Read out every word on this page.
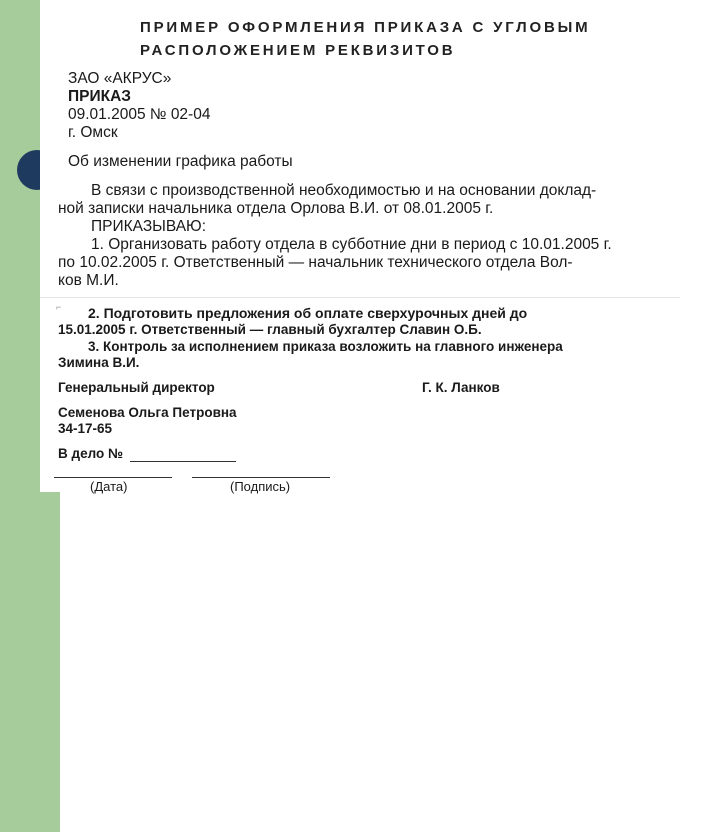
ПРИМЕР ОФОРМЛЕНИЯ ПРИКАЗА С УГЛОВЫМ
РАСПОЛОЖЕНИЕМ РЕКВИЗИТОВ
ЗАО «АКРУС»
ПРИКАЗ
09.01.2005 № 02-04
г. Омск
Об изменении графика работы
В связи с производственной необходимостью и на основании доклад-
ной записки начальника отдела Орлова В.И. от 08.01.2005 г.
ПРИКАЗЫВАЮ:
1. Организовать работу отдела в субботние дни в период с 10.01.2005 г.
по 10.02.2005 г. Ответственный — начальник технического отдела Вол-
ков М.И.
⌐ 2. Подготовить предложения об оплате сверхурочных дней до
15.01.2005 г. Ответственный — главный бухгалтер Славин О.Б.
3. Контроль за исполнением приказа возложить на главного инженера
Зимина В.И.
Генеральный директор	Г. К. Ланков
Семенова Ольга Петровна
34-17-65
В дело №
(Дата)	(Подпись)
